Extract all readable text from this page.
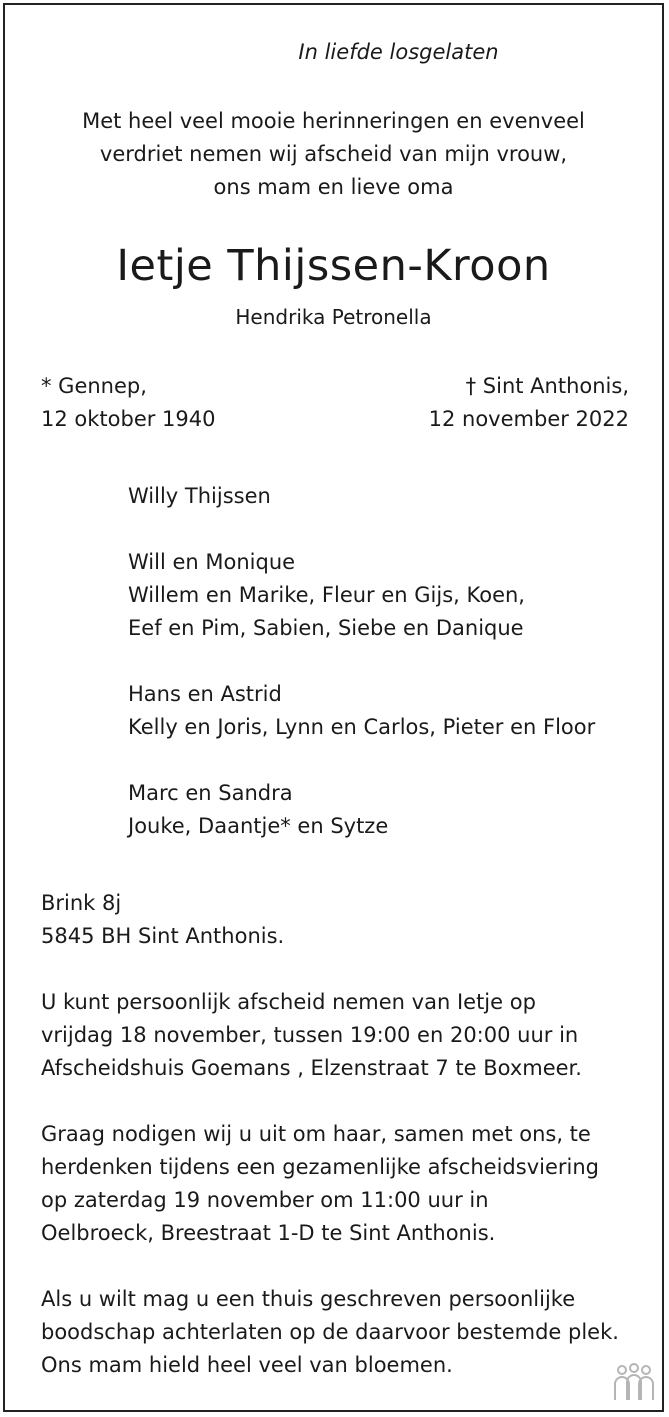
In liefde losgelaten
Met heel veel mooie herinneringen en evenveel
verdriet nemen wij afscheid van mijn vrouw,
ons mam en lieve oma
Ietje Thijssen-Kroon
Hendrika Petronella
* Gennep,
12 oktober 1940
† Sint Anthonis,
12 november 2022
Willy Thijssen
Will en Monique
Willem en Marike, Fleur en Gijs, Koen,
Eef en Pim, Sabien, Siebe en Danique
Hans en Astrid
Kelly en Joris, Lynn en Carlos, Pieter en Floor
Marc en Sandra
Jouke, Daantje* en Sytze
Brink 8j
5845 BH Sint Anthonis.
U kunt persoonlijk afscheid nemen van Ietje op
vrijdag 18 november, tussen 19:00 en 20:00 uur in
Afscheidshuis Goemans , Elzenstraat 7 te Boxmeer.
Graag nodigen wij u uit om haar, samen met ons, te
herdenken tijdens een gezamenlijke afscheidsviering
op zaterdag 19 november om 11:00 uur in
Oelbroeck, Breestraat 1-D te Sint Anthonis.
Als u wilt mag u een thuis geschreven persoonlijke
boodschap achterlaten op de daarvoor bestemde plek.
Ons mam hield heel veel van bloemen.
